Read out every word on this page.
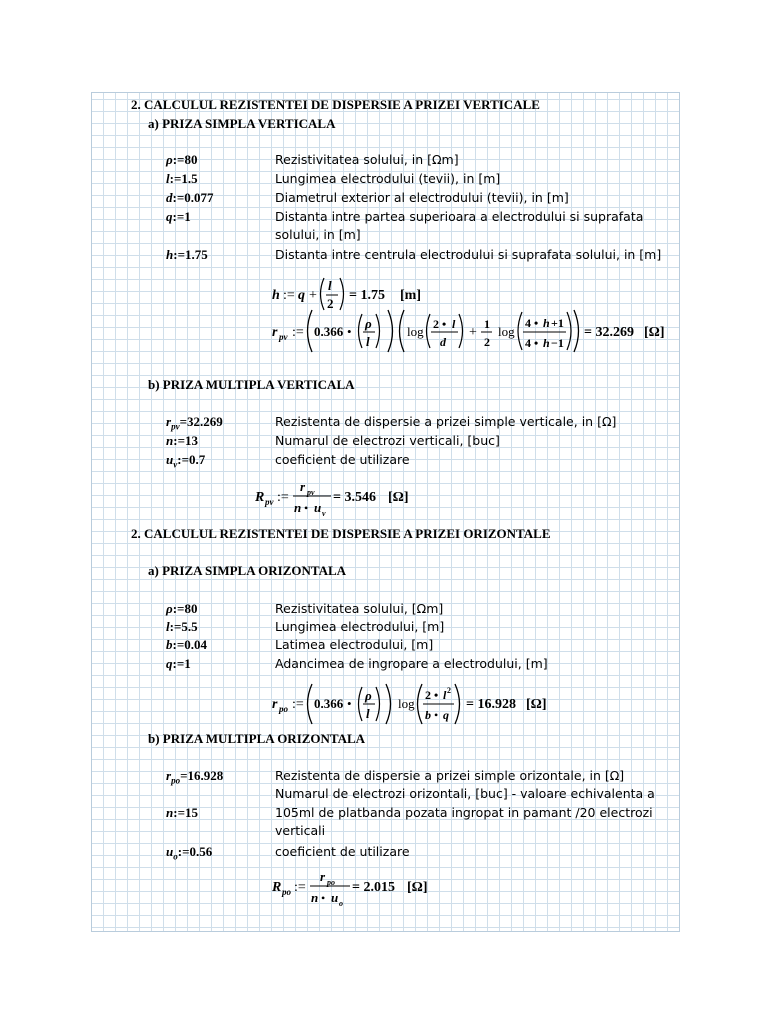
2. CALCULUL REZISTENTEI DE DISPERSIE A PRIZEI VERTICALE
a) PRIZA SIMPLA VERTICALA
ρ:=80	Rezistivitatea solului, in [Ωm]
l:=1.5	Lungimea electrodului (tevii), in [m]
d:=0.077	Diametrul exterior al electrodului (tevii), in [m]
q:=1	Distanta intre partea superioara a electrodului si suprafata
solului, in [m]
h:=1.75	Distanta intre centrula electrodului si suprafata solului, in [m]
h := q +
l
2
= 1.75 [m]
r pv := 0.366 •
ρ
l
log 2 • l
d
+
1
2
log
4 • h +1
4 • h −1
= 32.269 [Ω]
b) PRIZA MULTIPLA VERTICALA
$r_{pv}=32.269$	Rezistenta de dispersie a prizei simple verticale, in [Ω]
n:=13	Numarul de electrozi verticali, [buc]
$u_v:=0.7$	coeficient de utilizare
R pv :=
r pv
n • u v
= 3.546 [Ω]
2. CALCULUL REZISTENTEI DE DISPERSIE A PRIZEI ORIZONTALE
a) PRIZA SIMPLA ORIZONTALA
ρ:=80	Rezistivitatea solului, [Ωm]
l:=5.5	Lungimea electrodului, [m]
b:=0.04	Latimea electrodului, [m]
q:=1	Adancimea de ingropare a electrodului, [m]
r po := 0.366 •
ρ
l
log
2 • l 2
b • q
= 16.928 [Ω]
b) PRIZA MULTIPLA ORIZONTALA
$r_{po}=16.928$	Rezistenta de dispersie a prizei simple orizontale, in [Ω]
Numarul de electrozi orizontali, [buc] - valoare echivalenta a
n:=15	105ml de platbanda pozata ingropat in pamant /20 electrozi
verticali
$u_o:=0.56$	coeficient de utilizare
R po :=
r po
n • u o
= 2.015 [Ω]
